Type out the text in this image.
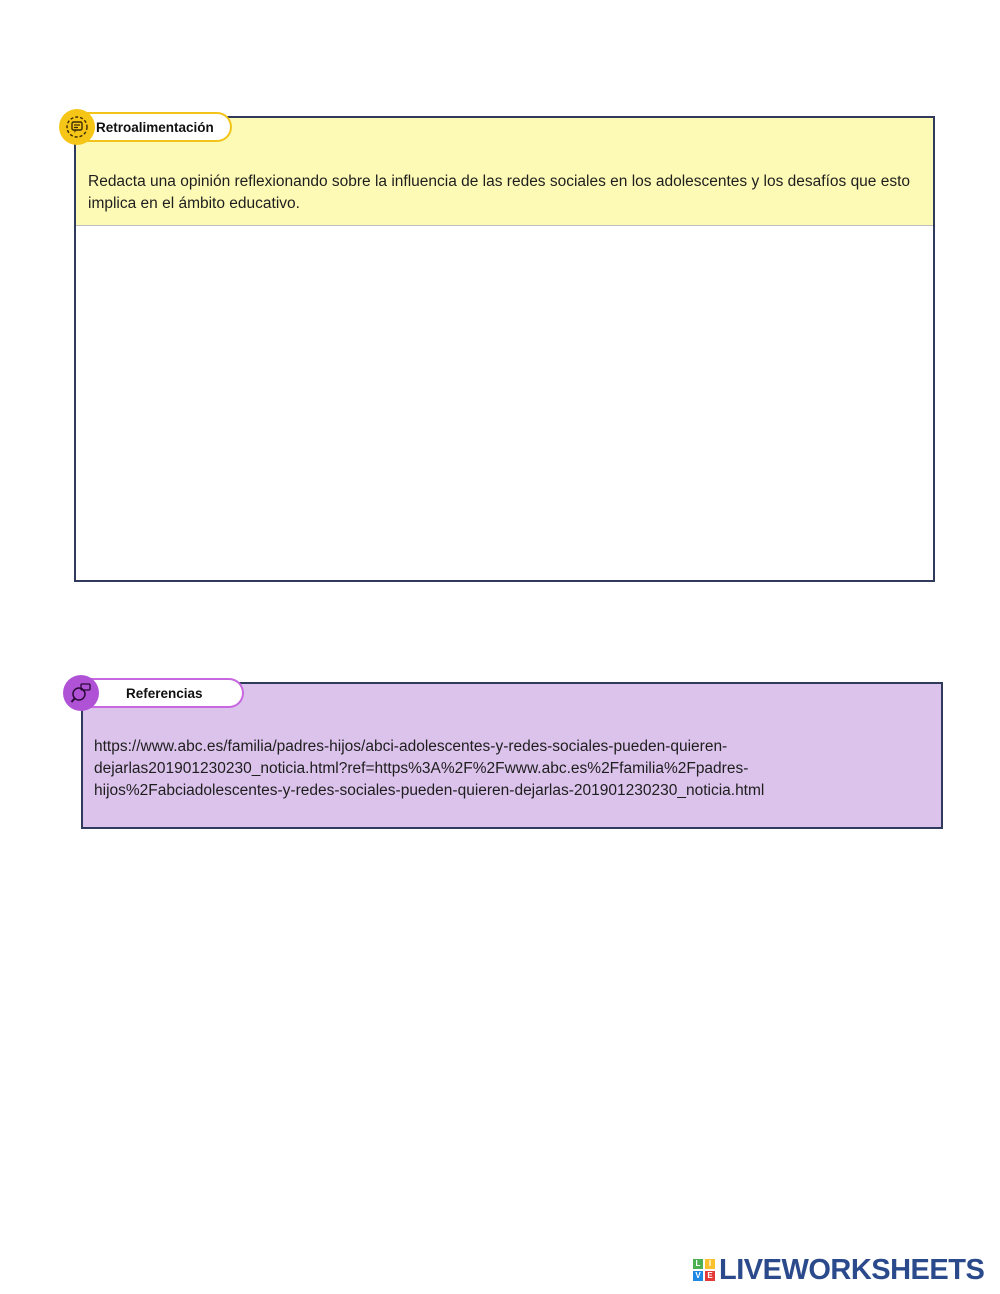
Redacta una opinión reflexionando sobre la influencia de las redes sociales en los adolescentes y los desafíos que esto implica en el ámbito educativo.
Retroalimentación
https://www.abc.es/familia/padres-hijos/abci-adolescentes-y-redes-sociales-pueden-quieren-
dejarlas201901230230_noticia.html?ref=https%3A%2F%2Fwww.abc.es%2Ffamilia%2Fpadres-
hijos%2Fabciadolescentes-y-redes-sociales-pueden-quieren-dejarlas-201901230230_noticia.html
Referencias
L	I
V E LIVEWORKSHEETS
